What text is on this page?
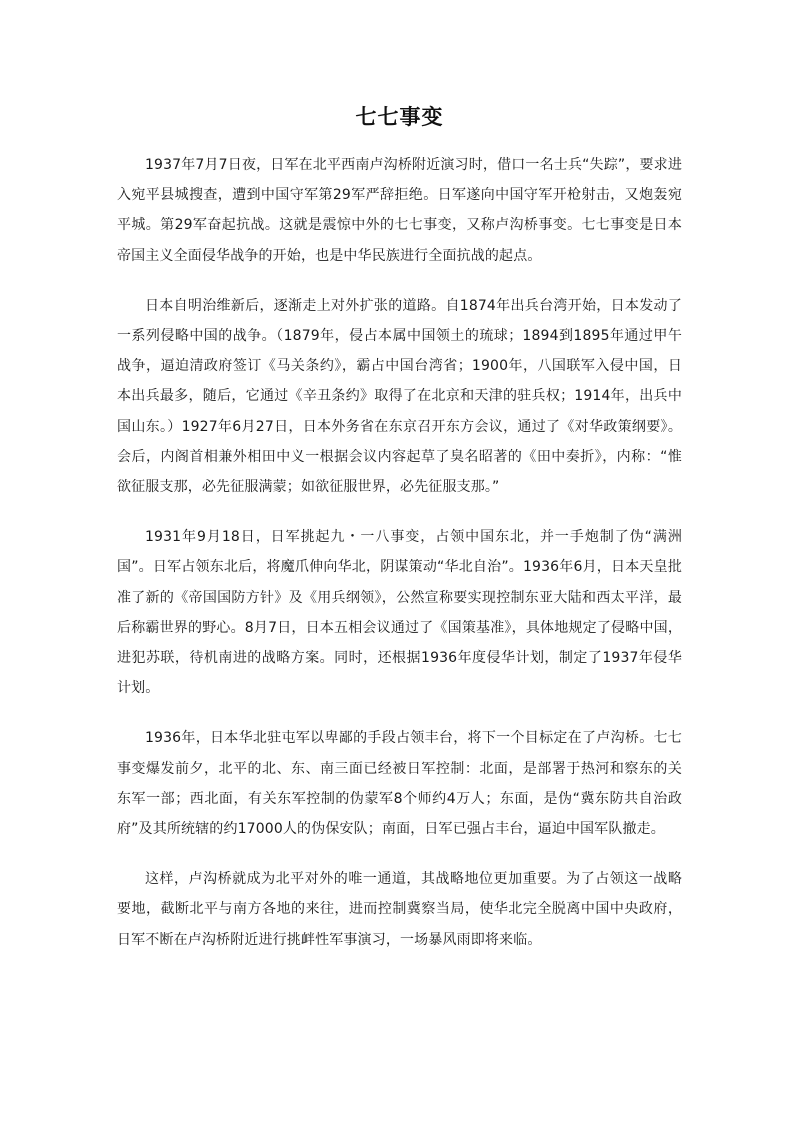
七七事变

1937年7月7日夜，日军在北平西南卢沟桥附近演习时，借口一名士兵“失踪”，要求进入宛平县城搜查，遭到中国守军第29军严辞拒绝。日军遂向中国守军开枪射击，又炮轰宛平城。第29军奋起抗战。这就是震惊中外的七七事变，又称卢沟桥事变。七七事变是日本帝国主义全面侵华战争的开始，也是中华民族进行全面抗战的起点。

日本自明治维新后，逐渐走上对外扩张的道路。自1874年出兵台湾开始，日本发动了一系列侵略中国的战争。（1879年，侵占本属中国领土的琉球；1894到1895年通过甲午战争，逼迫清政府签订《马关条约》，霸占中国台湾省；1900年，八国联军入侵中国，日本出兵最多，随后，它通过《辛丑条约》取得了在北京和天津的驻兵权；1914年，出兵中国山东。）1927年6月27日，日本外务省在东京召开东方会议，通过了《对华政策纲要》。会后，内阁首相兼外相田中义一根据会议内容起草了臭名昭著的《田中奏折》，内称：“惟欲征服支那，必先征服满蒙；如欲征服世界，必先征服支那。”

1931年9月18日，日军挑起九・一八事变，占领中国东北，并一手炮制了伪“满洲国”。日军占领东北后，将魔爪伸向华北，阴谋策动“华北自治”。1936年6月，日本天皇批准了新的《帝国国防方针》及《用兵纲领》，公然宣称要实现控制东亚大陆和西太平洋，最后称霸世界的野心。8月7日，日本五相会议通过了《国策基准》，具体地规定了侵略中国，进犯苏联，待机南进的战略方案。同时，还根据1936年度侵华计划，制定了1937年侵华计划。

1936年，日本华北驻屯军以卑鄙的手段占领丰台，将下一个目标定在了卢沟桥。七七事变爆发前夕，北平的北、东、南三面已经被日军控制：北面，是部署于热河和察东的关东军一部；西北面，有关东军控制的伪蒙军8个师约4万人；东面，是伪“冀东防共自治政府”及其所统辖的约17000人的伪保安队；南面，日军已强占丰台，逼迫中国军队撤走。

这样，卢沟桥就成为北平对外的唯一通道，其战略地位更加重要。为了占领这一战略要地，截断北平与南方各地的来往，进而控制冀察当局，使华北完全脱离中国中央政府，日军不断在卢沟桥附近进行挑衅性军事演习，一场暴风雨即将来临。
